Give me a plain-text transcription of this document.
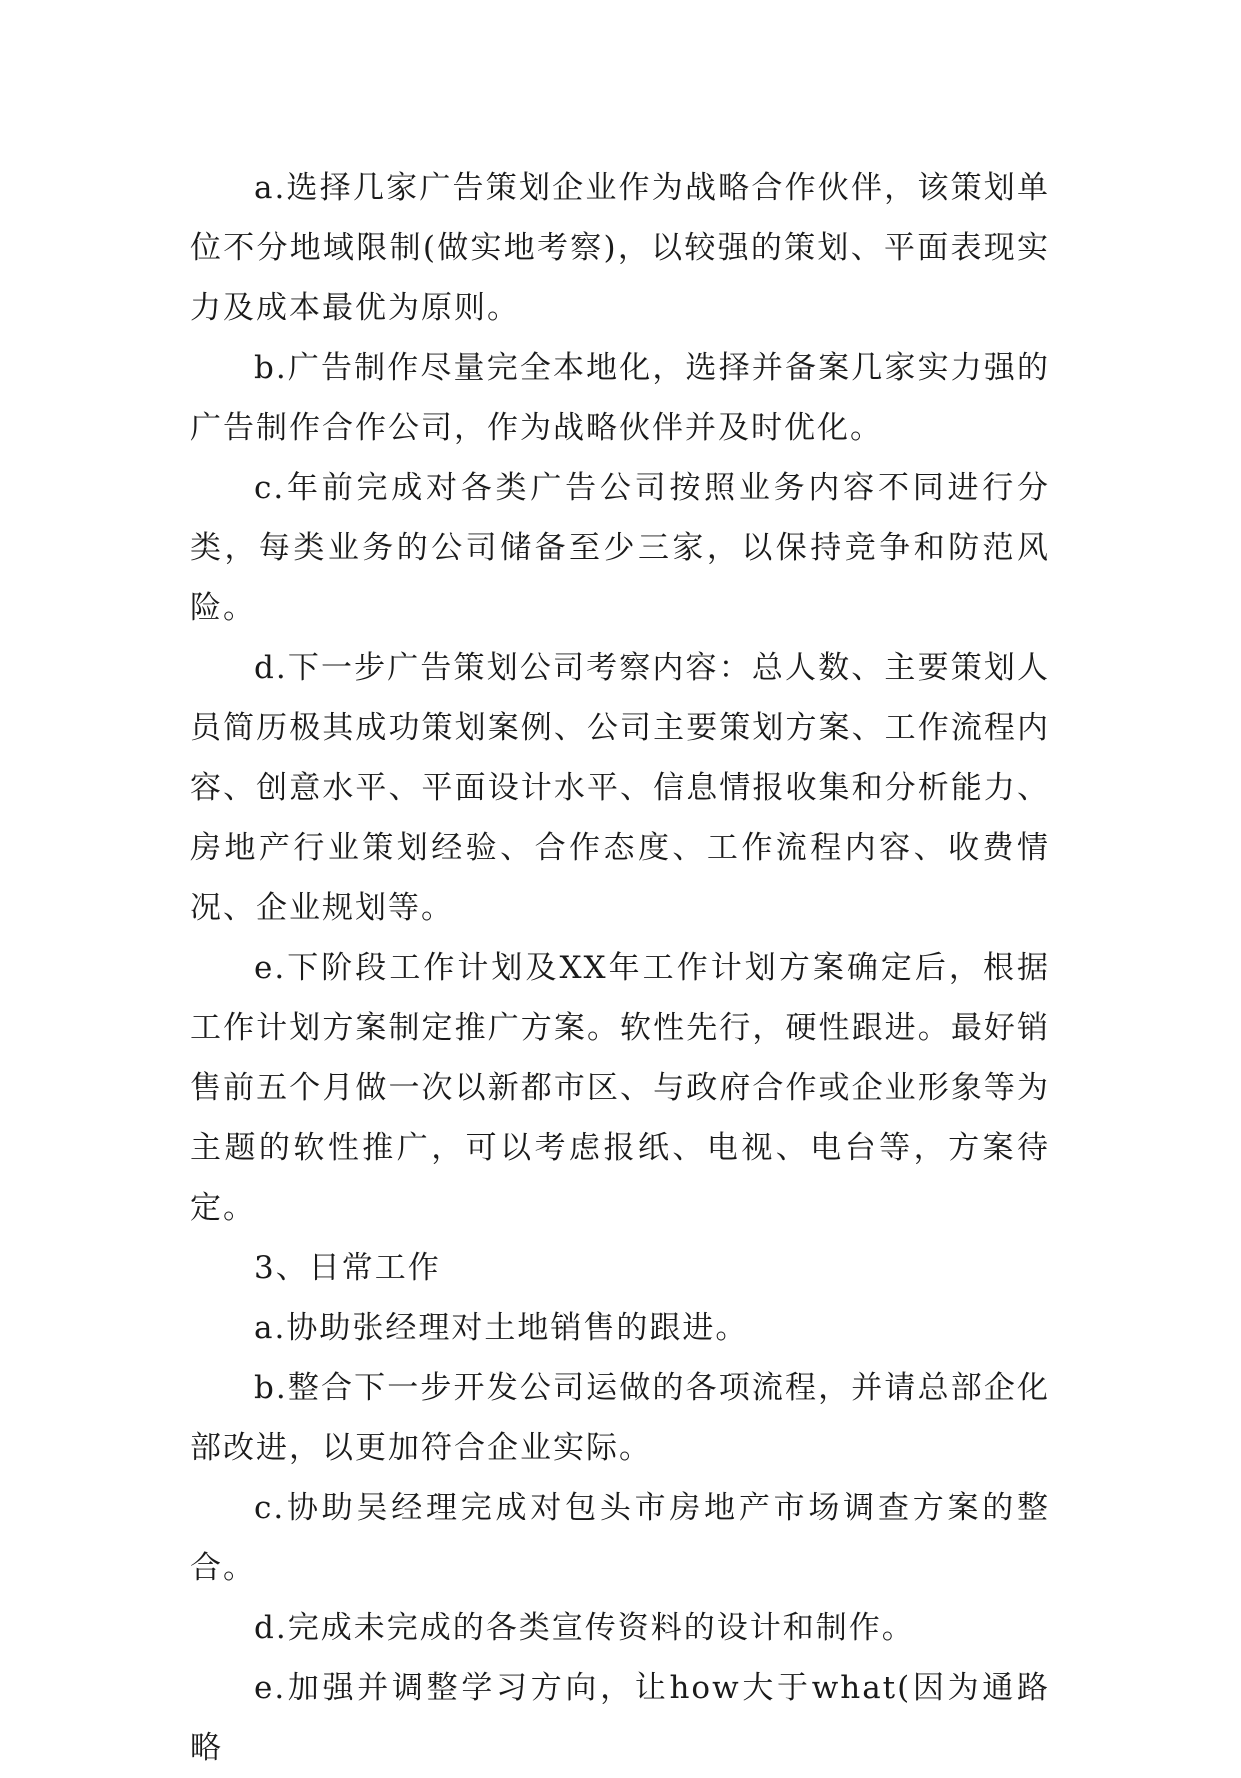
a.选择几家广告策划企业作为战略合作伙伴，该策划单位不分地域限制(做实地考察)，以较强的策划、平面表现实力及成本最优为原则。

b.广告制作尽量完全本地化，选择并备案几家实力强的广告制作合作公司，作为战略伙伴并及时优化。

c.年前完成对各类广告公司按照业务内容不同进行分类，每类业务的公司储备至少三家，以保持竞争和防范风险。

d.下一步广告策划公司考察内容：总人数、主要策划人员简历极其成功策划案例、公司主要策划方案、工作流程内容、创意水平、平面设计水平、信息情报收集和分析能力、房地产行业策划经验、合作态度、工作流程内容、收费情况、企业规划等。

e.下阶段工作计划及XX年工作计划方案确定后，根据工作计划方案制定推广方案。软性先行，硬性跟进。最好销售前五个月做一次以新都市区、与政府合作或企业形象等为主题的软性推广，可以考虑报纸、电视、电台等，方案待定。

3、日常工作

a.协助张经理对土地销售的跟进。

b.整合下一步开发公司运做的各项流程，并请总部企化部改进，以更加符合企业实际。

c.协助吴经理完成对包头市房地产市场调查方案的整合。

d.完成未完成的各类宣传资料的设计和制作。

e.加强并调整学习方向，让how大于what(因为通路略
